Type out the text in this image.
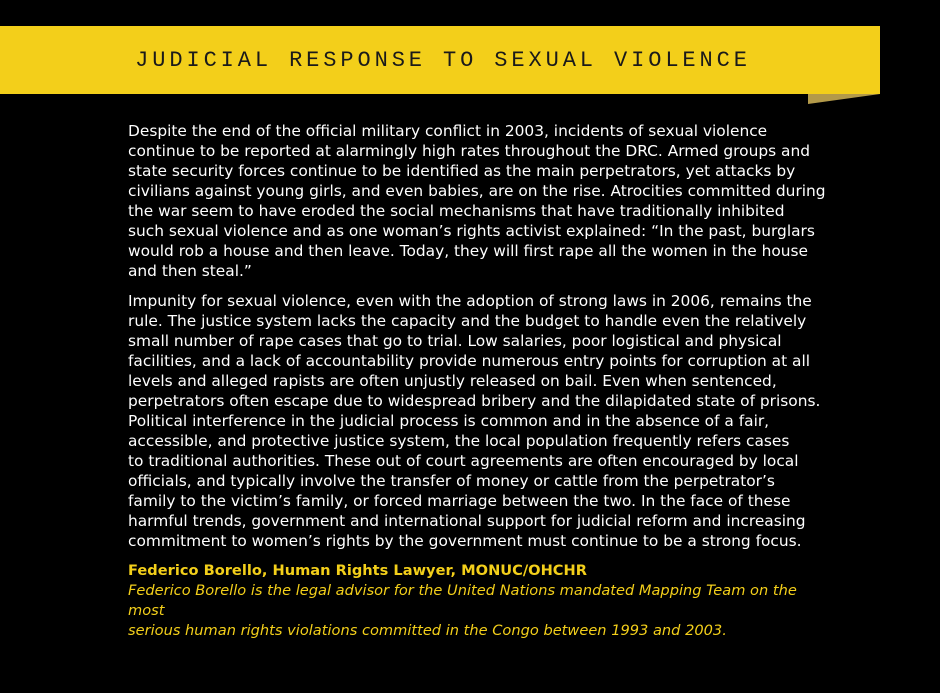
JUDICIAL RESPONSE TO SEXUAL VIOLENCE

Despite the end of the official military conflict in 2003, incidents of sexual violence
continue to be reported at alarmingly high rates throughout the DRC. Armed groups and
state security forces continue to be identified as the main perpetrators, yet attacks by
civilians against young girls, and even babies, are on the rise. Atrocities committed during
the war seem to have eroded the social mechanisms that have traditionally inhibited
such sexual violence and as one woman’s rights activist explained: “In the past, burglars
would rob a house and then leave. Today, they will first rape all the women in the house
and then steal.”

Impunity for sexual violence, even with the adoption of strong laws in 2006, remains the
rule. The justice system lacks the capacity and the budget to handle even the relatively
small number of rape cases that go to trial. Low salaries, poor logistical and physical
facilities, and a lack of accountability provide numerous entry points for corruption at all
levels and alleged rapists are often unjustly released on bail. Even when sentenced,
perpetrators often escape due to widespread bribery and the dilapidated state of prisons.
Political interference in the judicial process is common and in the absence of a fair,
accessible, and protective justice system, the local population frequently refers cases
to traditional authorities. These out of court agreements are often encouraged by local
officials, and typically involve the transfer of money or cattle from the perpetrator’s
family to the victim’s family, or forced marriage between the two. In the face of these
harmful trends, government and international support for judicial reform and increasing
commitment to women’s rights by the government must continue to be a strong focus.

Federico Borello, Human Rights Lawyer, MONUC/OHCHR

Federico Borello is the legal advisor for the United Nations mandated Mapping Team on the most
serious human rights violations committed in the Congo between 1993 and 2003.
